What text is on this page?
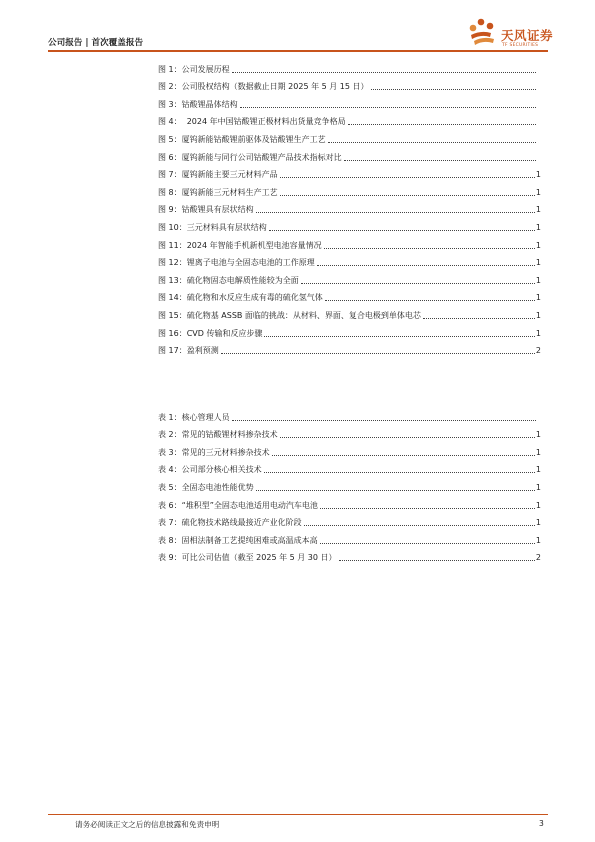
公司报告 | 首次覆盖报告	天风证券
TF SECURITIES
图 1：公司发展历程
图 2：公司股权结构（数据截止日期 2025 年 5 月 15 日）
图 3：钴酸锂晶体结构
图 4：  2024 年中国钴酸锂正极材料出货量竞争格局
图 5：厦钨新能钴酸锂前驱体及钴酸锂生产工艺
图 6：厦钨新能与同行公司钴酸锂产品技术指标对比
图 7：厦钨新能主要三元材料产品	1
图 8：厦钨新能三元材料生产工艺	1
图 9：钴酸锂具有层状结构	1
图 10：三元材料具有层状结构	1
图 11：2024 年智能手机新机型电池容量情况	1
图 12：锂离子电池与全固态电池的工作原理	1
图 13：硫化物固态电解质性能较为全面	1
图 14：硫化物和水反应生成有毒的硫化氢气体	1
图 15：硫化物基 ASSB 面临的挑战：从材料、界面、复合电极到单体电芯	1
图 16：CVD 传输和反应步骤	1
图 17：盈利预测	2
表 1：核心管理人员
表 2：常见的钴酸锂材料掺杂技术	1
表 3：常见的三元材料掺杂技术	1
表 4：公司部分核心相关技术	1
表 5：全固态电池性能优势	1
表 6：“堆积型”全固态电池适用电动汽车电池	1
表 7：硫化物技术路线最接近产业化阶段	1
表 8：固相法制备工艺提纯困难或高温成本高	1
表 9：可比公司估值（截至 2025 年 5 月 30 日）	2
请务必阅读正文之后的信息披露和免责申明	3
